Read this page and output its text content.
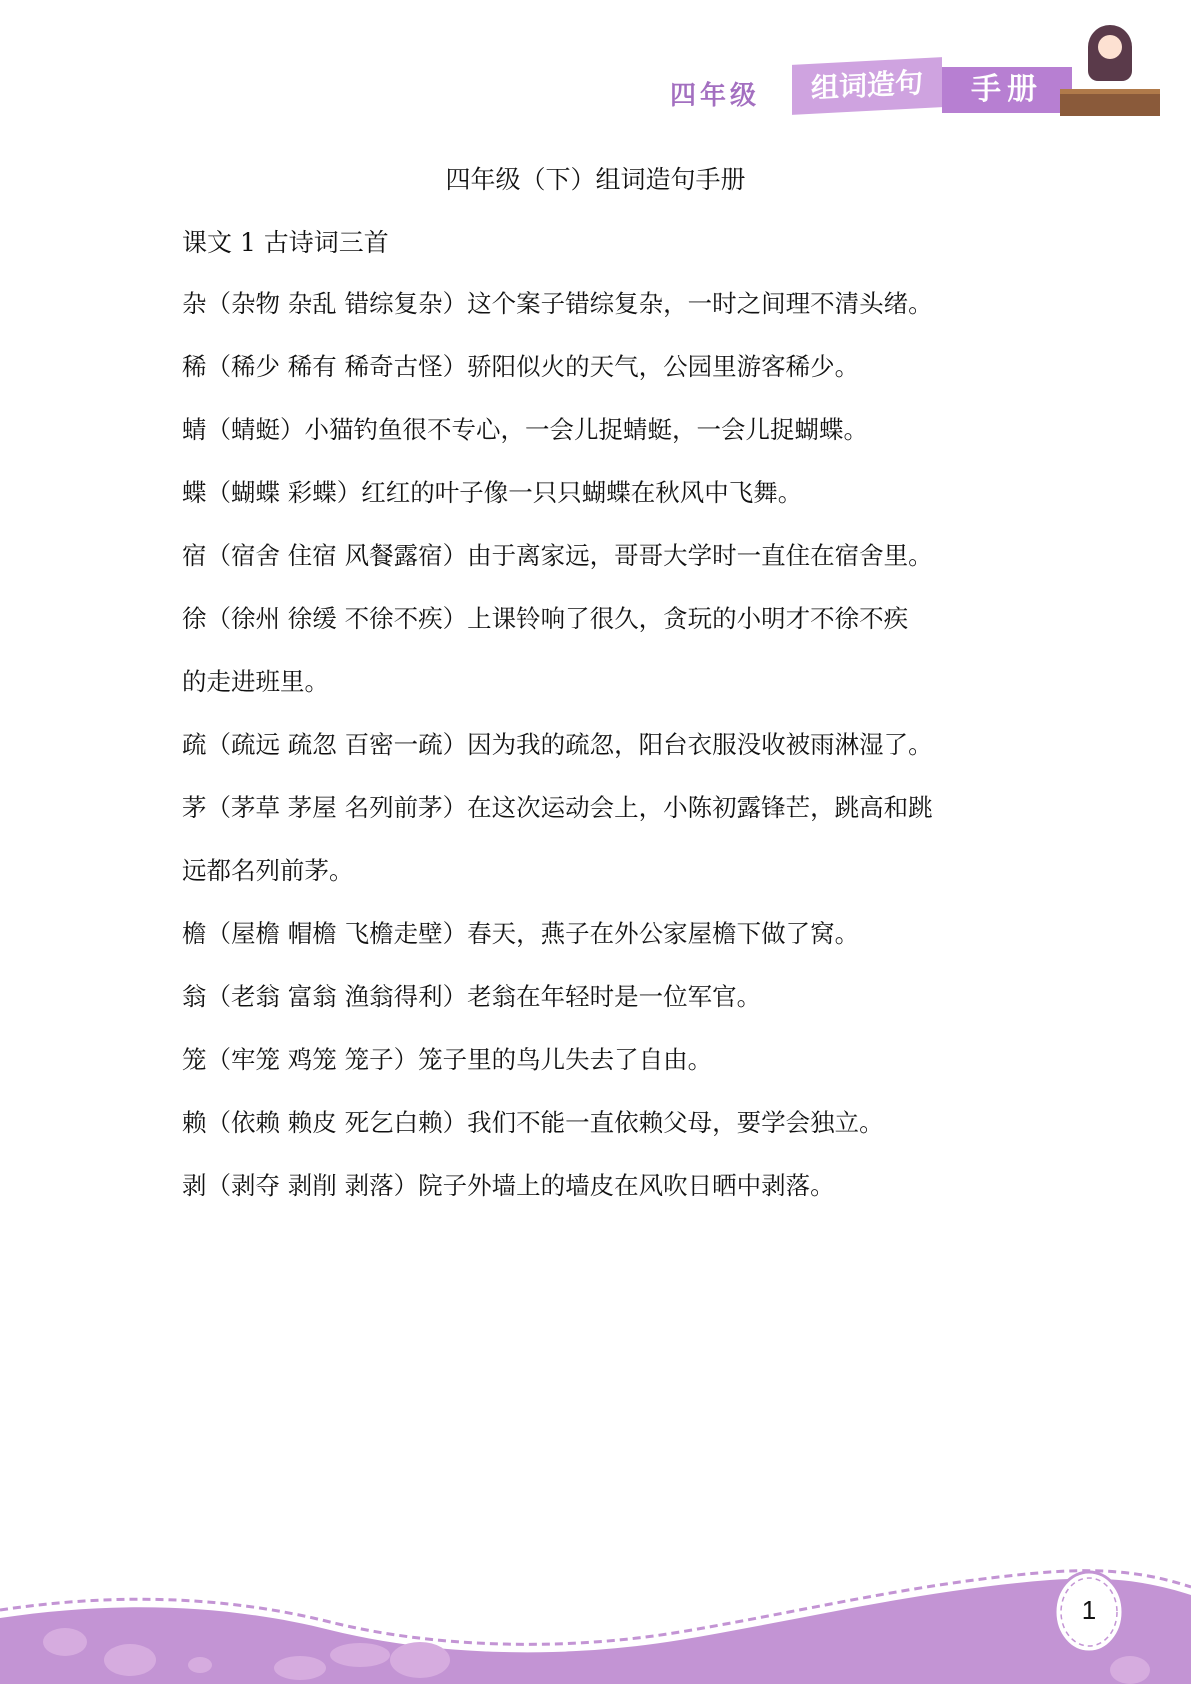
四年级	组词造句	手册
四年级（下）组词造句手册
课文 1 古诗词三首
杂（杂物 杂乱 错综复杂）这个案子错综复杂，一时之间理不清头绪。
稀（稀少 稀有 稀奇古怪）骄阳似火的天气，公园里游客稀少。
蜻（蜻蜓）小猫钓鱼很不专心，一会儿捉蜻蜓，一会儿捉蝴蝶。
蝶（蝴蝶 彩蝶）红红的叶子像一只只蝴蝶在秋风中飞舞。
宿（宿舍 住宿 风餐露宿）由于离家远，哥哥大学时一直住在宿舍里。
徐（徐州 徐缓 不徐不疾）上课铃响了很久，贪玩的小明才不徐不疾
的走进班里。
疏（疏远 疏忽 百密一疏）因为我的疏忽，阳台衣服没收被雨淋湿了。
茅（茅草 茅屋 名列前茅）在这次运动会上，小陈初露锋芒，跳高和跳
远都名列前茅。
檐（屋檐 帽檐 飞檐走壁）春天，燕子在外公家屋檐下做了窝。
翁（老翁 富翁 渔翁得利）老翁在年轻时是一位军官。
笼（牢笼 鸡笼 笼子）笼子里的鸟儿失去了自由。
赖（依赖 赖皮 死乞白赖）我们不能一直依赖父母，要学会独立。
剥（剥夺 剥削 剥落）院子外墙上的墙皮在风吹日晒中剥落。
1
